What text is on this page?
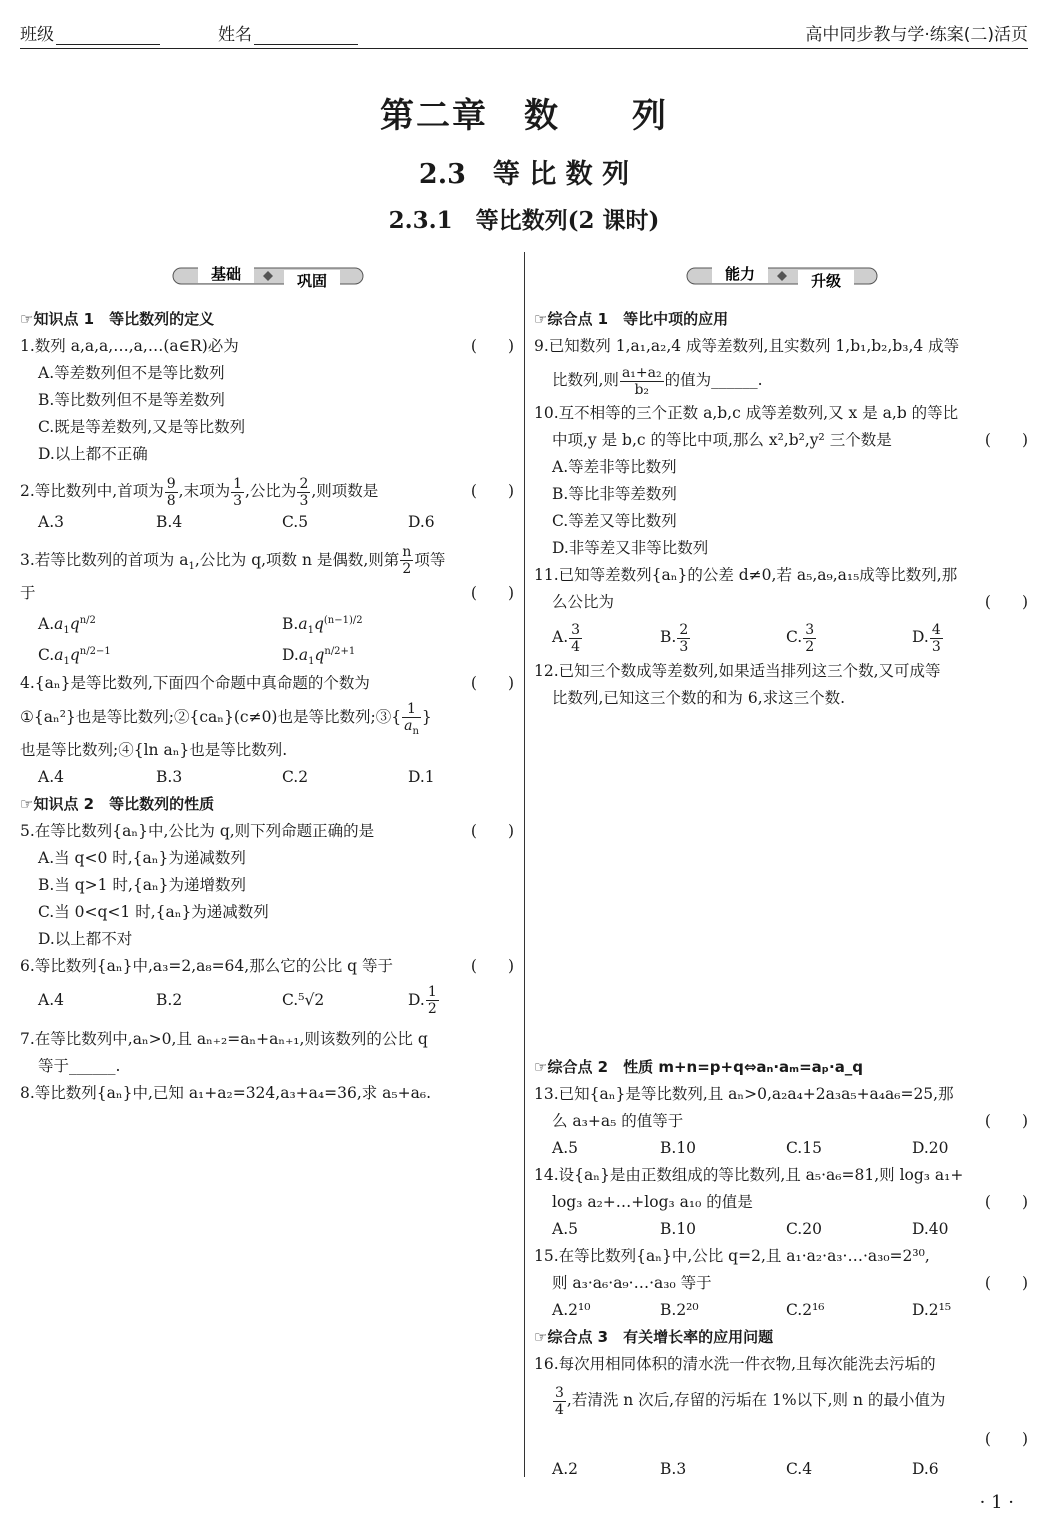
班级	姓名	高中同步教与学·练案(二)活页
第二章　数　　列
2.3　等 比 数 列
2.3.1　等比数列(2 课时)
基础	巩固	能力	升级
☞知识点 1　等比数列的定义
1.数列 a,a,a,…,a,…(a∈R)必为	(　　)
A.等差数列但不是等比数列
B.等比数列但不是等差数列
C.既是等差数列,又是等比数列
D.以上都不正确
2.等比数列中,首项为 $\frac{9}{8}$ ,末项为 $\frac{1}{3}$ ,公比为 $\frac{2}{3}$ ,则项数是	(　　)
A.3	B.4	C.5	D.6
3.若等比数列的首项为 $a_1$,公比为 q,项数 n 是偶数,则第 $\frac{n}{2}$ 项等
于	(　　)
$A.a_1q^{n/2}$	$B.a_1q^{(n-1)/2}$
$C.a_1q^{n/2-1}$	$D.a_1q^{n/2+1}$
4.{aₙ}是等比数列,下面四个命题中真命题的个数为	(　　)
①{aₙ²}也是等比数列;②{caₙ}(c≠0)也是等比数列;③{ $\frac{1}{a_n}$ }
也是等比数列;④{ln aₙ}也是等比数列.
A.4	B.3	C.2	D.1
☞知识点 2　等比数列的性质
5.在等比数列{aₙ}中,公比为 q,则下列命题正确的是	(　　)
A.当 q<0 时,{aₙ}为递减数列
B.当 q>1 时,{aₙ}为递增数列
C.当 0<q<1 时,{aₙ}为递减数列
D.以上都不对
6.等比数列{aₙ}中,a₃=2,a₈=64,那么它的公比 q 等于	(　　)
A.4	B.2	C.⁵√2	D. $\frac{1}{2}$
7.在等比数列中,aₙ>0,且 aₙ₊₂=aₙ+aₙ₊₁,则该数列的公比 q
等于______.
8.等比数列{aₙ}中,已知 a₁+a₂=324,a₃+a₄=36,求 a₅+a₆.
☞综合点 1　等比中项的应用
9.已知数列 1,a₁,a₂,4 成等差数列,且实数列 1,b₁,b₂,b₃,4 成等
比数列,则 $\frac{\text{a₁+a₂}}{\text{b₂}}$ 的值为______.
10.互不相等的三个正数 a,b,c 成等差数列,又 x 是 a,b 的等比
中项,y 是 b,c 的等比中项,那么 x²,b²,y² 三个数是	(　　)
A.等差非等比数列
B.等比非等差数列
C.等差又等比数列
D.非等差又非等比数列
11.已知等差数列{aₙ}的公差 d≠0,若 a₅,a₉,a₁₅成等比数列,那
么公比为	(　　)
A. $\frac{3}{4}$	B. $\frac{2}{3}$	C. $\frac{3}{2}$	D. $\frac{4}{3}$
12.已知三个数成等差数列,如果适当排列这三个数,又可成等
比数列,已知这三个数的和为 6,求这三个数.
☞综合点 2　性质 m+n=p+q⇔aₙ·aₘ=aₚ·a_q
13.已知{aₙ}是等比数列,且 aₙ>0,a₂a₄+2a₃a₅+a₄a₆=25,那
么 a₃+a₅ 的值等于	(　　)
A.5	B.10	C.15	D.20
14.设{aₙ}是由正数组成的等比数列,且 a₅·a₆=81,则 log₃ a₁+
log₃ a₂+…+log₃ a₁₀ 的值是	(　　)
A.5	B.10	C.20	D.40
15.在等比数列{aₙ}中,公比 q=2,且 a₁·a₂·a₃·…·a₃₀=2³⁰,
则 a₃·a₆·a₉·…·a₃₀ 等于	(　　)
A.2¹⁰	B.2²⁰	C.2¹⁶	D.2¹⁵
☞综合点 3　有关增长率的应用问题
16.每次用相同体积的清水洗一件衣物,且每次能洗去污垢的
$\frac{3}{4}$ ,若清洗 n 次后,存留的污垢在 1%以下,则 n 的最小值为
(　　)

A.2	B.3	C.4	D.6
· 1 ·
